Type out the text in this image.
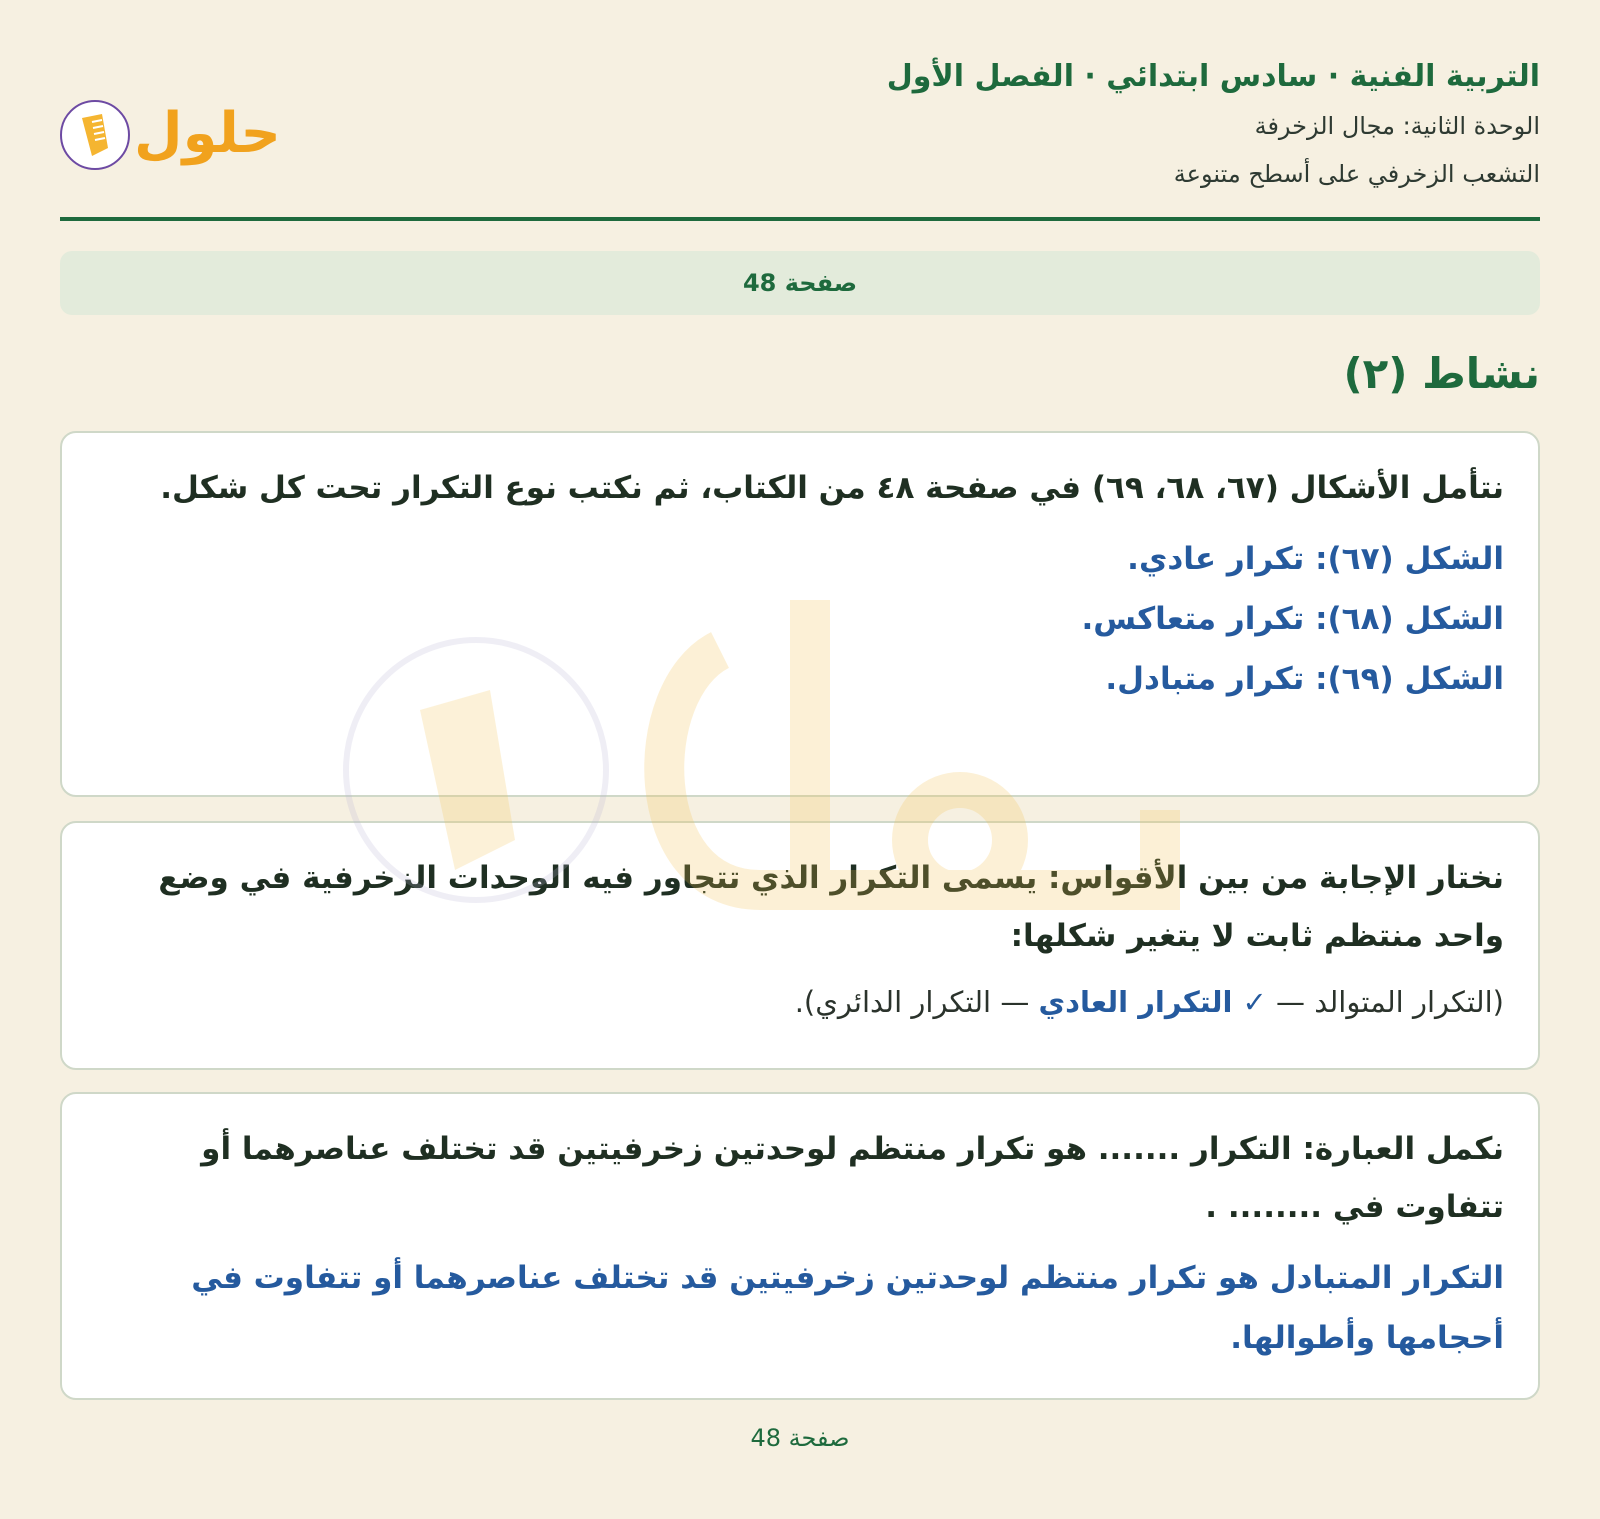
التربية الفنية · سادس ابتدائي · الفصل الأول

الوحدة الثانية: مجال الزخرفة

التشعب الزخرفي على أسطح متنوعة

حلول
صفحة 48
نشاط (٢)

نتأمل الأشكال (٦٧، ٦٨، ٦٩) في صفحة ٤٨ من الكتاب، ثم نكتب نوع التكرار تحت كل شكل.

الشكل (٦٧): تكرار عادي.

الشكل (٦٨): تكرار متعاكس.

الشكل (٦٩): تكرار متبادل.

نختار الإجابة من بين الأقواس: يسمى التكرار الذي تتجاور فيه الوحدات الزخرفية في وضع واحد منتظم ثابت لا يتغير شكلها:

(التكرار المتوالد — ✓ التكرار العادي — التكرار الدائري).

نكمل العبارة: التكرار ....... هو تكرار منتظم لوحدتين زخرفيتين قد تختلف عناصرهما أو تتفاوت في ........ .

التكرار المتبادل هو تكرار منتظم لوحدتين زخرفيتين قد تختلف عناصرهما أو تتفاوت في أحجامها وأطوالها.

صفحة 48
